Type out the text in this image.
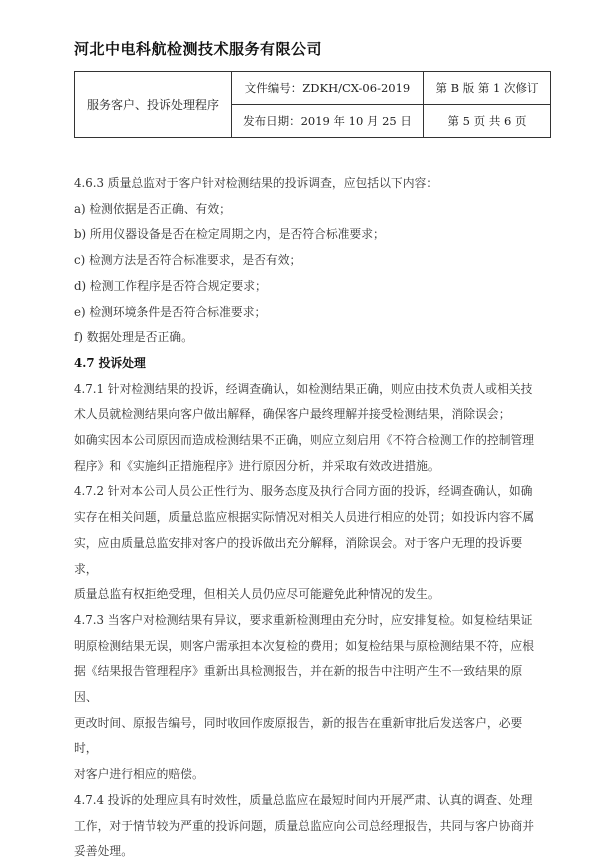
河北中电科航检测技术服务有限公司
服务客户、投诉处理程序	文件编号：ZDKH/CX-06-2019	第 B 版 第 1 次修订
	发布日期：2019 年 10 月 25 日	第 5 页 共 6 页

4.6.3 质量总监对于客户针对检测结果的投诉调查，应包括以下内容：

a) 检测依据是否正确、有效；

b) 所用仪器设备是否在检定周期之内，是否符合标准要求；

c) 检测方法是否符合标准要求，是否有效；

d) 检测工作程序是否符合规定要求；

e) 检测环境条件是否符合标准要求；

f) 数据处理是否正确。

4.7 投诉处理

4.7.1 针对检测结果的投诉，经调查确认，如检测结果正确，则应由技术负责人或相关技

术人员就检测结果向客户做出解释，确保客户最终理解并接受检测结果，消除误会；

如确实因本公司原因而造成检测结果不正确，则应立刻启用《不符合检测工作的控制管理

程序》和《实施纠正措施程序》进行原因分析，并采取有效改进措施。

4.7.2 针对本公司人员公正性行为、服务态度及执行合同方面的投诉，经调查确认，如确

实存在相关问题，质量总监应根据实际情况对相关人员进行相应的处罚；如投诉内容不属

实，应由质量总监安排对客户的投诉做出充分解释，消除误会。对于客户无理的投诉要求，

质量总监有权拒绝受理，但相关人员仍应尽可能避免此种情况的发生。

4.7.3 当客户对检测结果有异议，要求重新检测理由充分时，应安排复检。如复检结果证

明原检测结果无误，则客户需承担本次复检的费用；如复检结果与原检测结果不符，应根

据《结果报告管理程序》重新出具检测报告，并在新的报告中注明产生不一致结果的原因、

更改时间、原报告编号，同时收回作废原报告，新的报告在重新审批后发送客户，必要时，

对客户进行相应的赔偿。

4.7.4 投诉的处理应具有时效性，质量总监应在最短时间内开展严肃、认真的调查、处理

工作，对于情节较为严重的投诉问题，质量总监应向公司总经理报告，共同与客户协商并

妥善处理。
